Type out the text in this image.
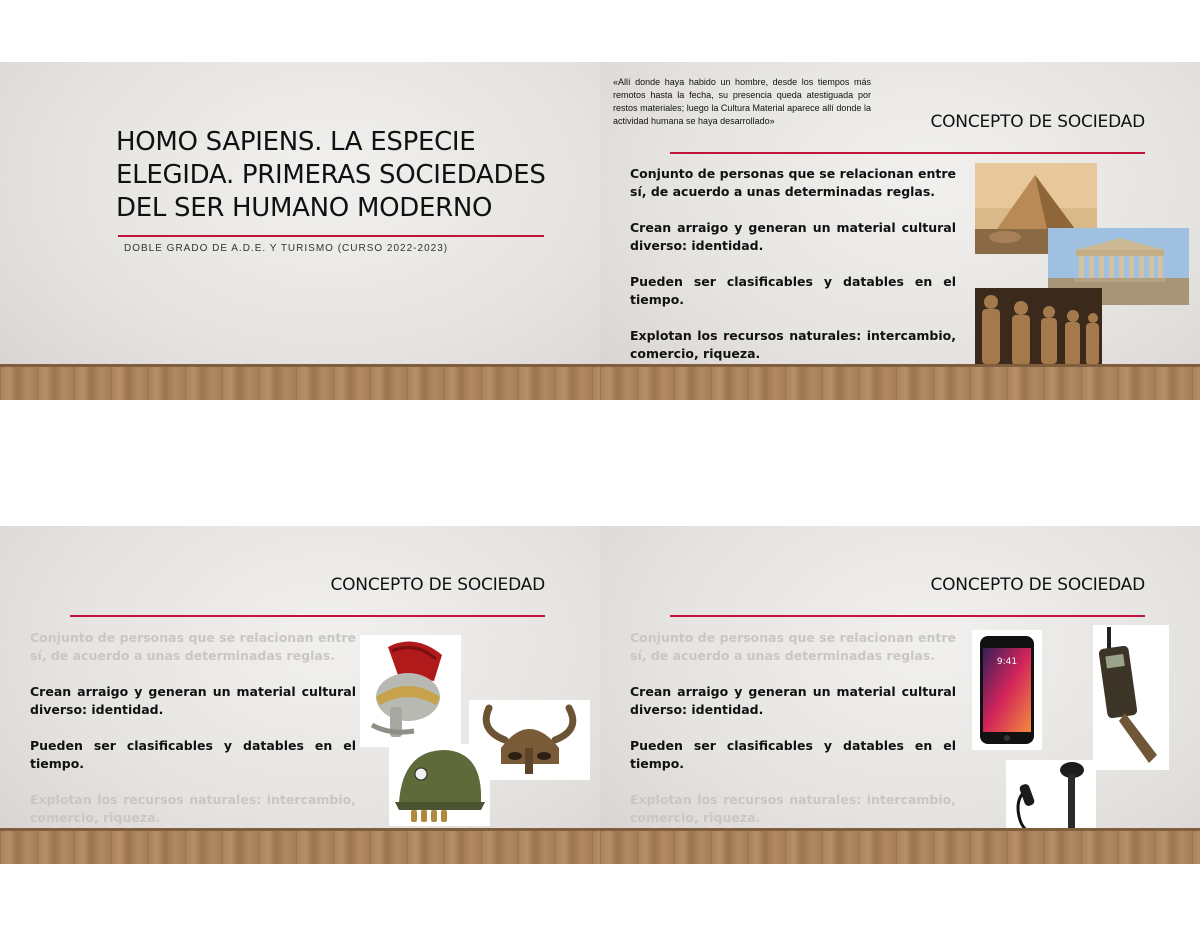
HOMO SAPIENS. LA ESPECIE ELEGIDA. PRIMERAS SOCIEDADES DEL SER HUMANO MODERNO
DOBLE GRADO DE A.D.E. Y TURISMO (CURSO 2022-2023)
«Allí donde haya habido un hombre, desde los tiempos más remotos hasta la fecha, su presencia queda atestiguada por restos materiales; luego la Cultura Material aparece allí donde la actividad humana se haya desarrollado»	CONCEPTO DE SOCIEDAD

Conjunto de personas que se relacionan entre sí, de acuerdo a unas determinadas reglas.

Crean arraigo y generan un material cultural diverso: identidad.

Pueden ser clasificables y datables en el tiempo.

Explotan los recursos naturales: intercambio, comercio, riqueza.

CONCEPTO DE SOCIEDAD

Conjunto de personas que se relacionan entre sí, de acuerdo a unas determinadas reglas.

Crean arraigo y generan un material cultural diverso: identidad.

Pueden ser clasificables y datables en el tiempo.

Explotan los recursos naturales: intercambio, comercio, riqueza.

CONCEPTO DE SOCIEDAD

Conjunto de personas que se relacionan entre sí, de acuerdo a unas determinadas reglas.

Crean arraigo y generan un material cultural diverso: identidad.

Pueden ser clasificables y datables en el tiempo.

Explotan los recursos naturales: intercambio, comercio, riqueza.

9:41
